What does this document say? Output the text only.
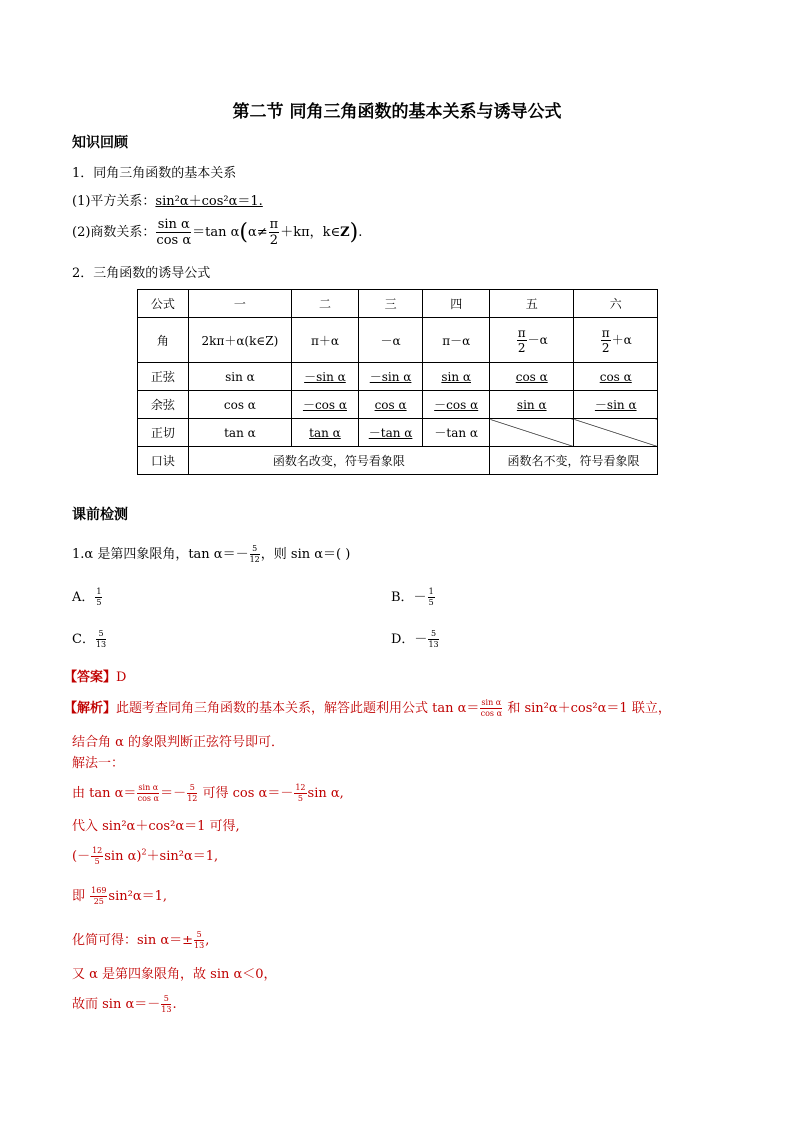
第二节 同角三角函数的基本关系与诱导公式
知识回顾
1．同角三角函数的基本关系
(1)平方关系：sin²α＋cos²α＝1.
(2)商数关系： $\frac{\text{sin α}}{\text{cos α}} =\tan$ $\alpha(\alpha\ne \frac{\pi}{2} +k\pi$，k∈Z).
2．三角函数的诱导公式
公式	一	二	三	四	五	六
角	2kπ＋α(k∈Z)	π＋α	－α	π－α	$\frac{\pi}{2} -\alpha$	$\frac{\pi}{2} +\alpha$
正弦	sin α	－sin α	－sin α	sin α	cos α	cos α
余弦	cos α	－cos α	cos α	－cos α	sin α	－sin α
正切	tan α	tan α	－tan α	－tan α		
口诀	函数名改变，符号看象限				函数名不变，符号看象限	
课前检测
1.α 是第四象限角，$\tan \alpha=- \frac{5}{12}$ ，则 sin α＝( )
A． $\frac{1}{5}$	B．－ $\frac{1}{5}$
C． $\frac{5}{13}$	D．－ $\frac{5}{13}$
【答案】D
【解析】此题考查同角三角函数的基本关系，解答此题利用公式 $\tan \alpha= \frac{\text{sin α}}{\text{cos α}}$ 和 sin²α＋cos²α＝1 联立，
结合角 α 的象限判断正弦符号即可．
解法一：
由 $\tan \alpha= \frac{\text{sin α}}{\text{cos α}} =- \frac{5}{12}$ 可得 $\cos \alpha=- \frac{12}{5}$ sin α,
代入 sin²α＋cos²α＝1 可得,
(－ $\frac{12}{5}$ sin α)$^2$＋sin²α＝1,
即 $\frac{169}{25} \sin^2\alpha=1$,
化简可得：$\sin \alpha=\pm \frac{5}{13}$ ,
又 α 是第四象限角，故 sin α＜0，
故而 $\sin \alpha=- \frac{5}{13}$ .
